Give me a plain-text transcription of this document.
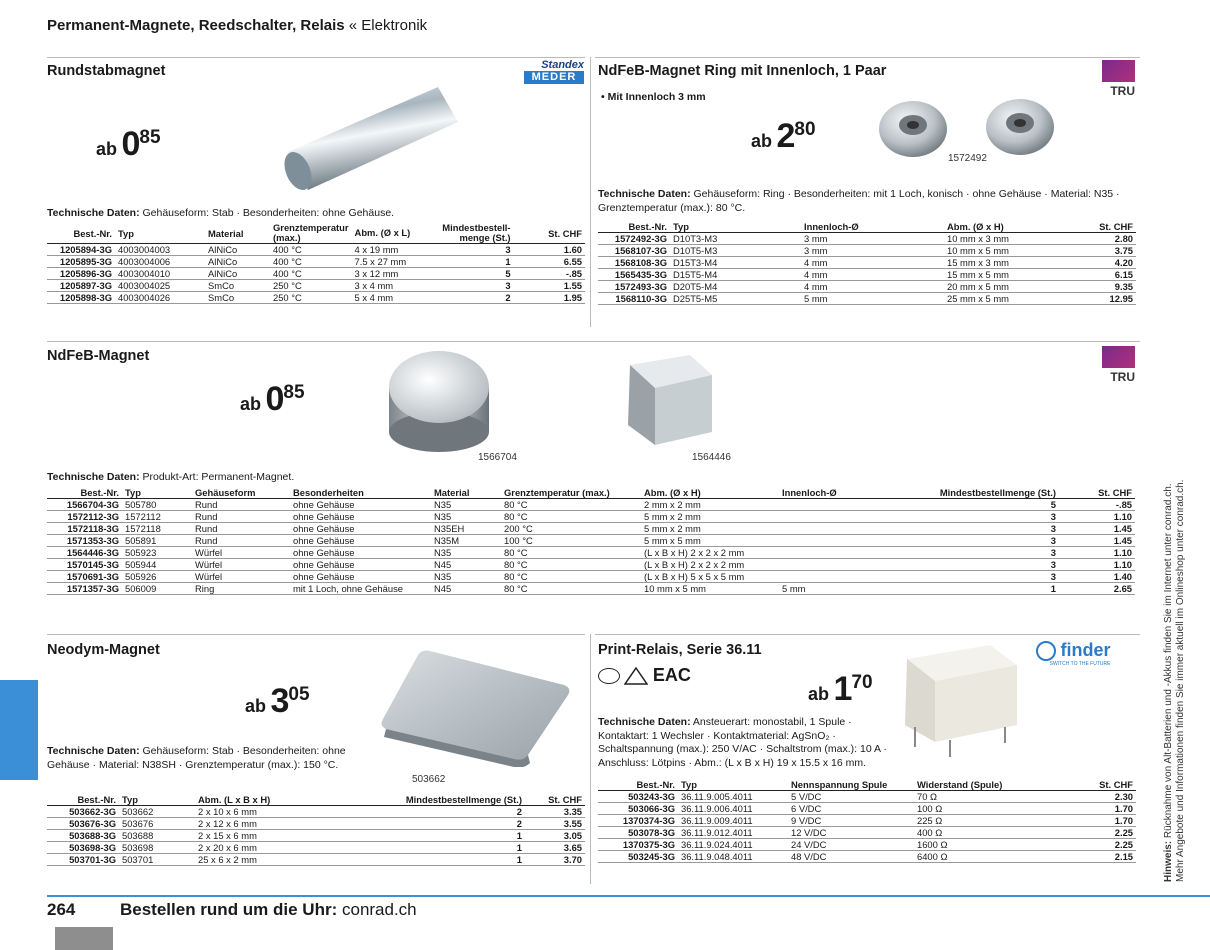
Permanent-Magnete, Reedschalter, Relais « Elektronik
Rundstabmagnet	Standex
MEDER
ab 085
Technische Daten: Gehäuseform: Stab · Besonderheiten: ohne Gehäuse.
Best.-Nr.	Typ	Material	Grenztemperatur (max.)	Abm. (Ø x L)	Mindestbestell-menge (St.)	St. CHF
1205894-3G	4003004003	AlNiCo	400 °C	4 x 19 mm	3	1.60
1205895-3G	4003004006	AlNiCo	400 °C	7.5 x 27 mm	1	6.55
1205896-3G	4003004010	AlNiCo	400 °C	3 x 12 mm	5	-.85
1205897-3G	4003004025	SmCo	250 °C	3 x 4 mm	3	1.55
1205898-3G	4003004026	SmCo	250 °C	5 x 4 mm	2	1.95
NdFeB-Magnet Ring mit Innenloch, 1 Paar
TRU
• Mit Innenloch 3 mm
ab 280
1572492
Technische Daten: Gehäuseform: Ring · Besonderheiten: mit 1 Loch, konisch · ohne Gehäuse · Material: N35 · Grenztemperatur (max.): 80 °C.
Best.-Nr.	Typ	Innenloch-Ø	Abm. (Ø x H)	St. CHF
1572492-3G	D10T3-M3	3 mm	10 mm x 3 mm	2.80
1568107-3G	D10T5-M3	3 mm	10 mm x 5 mm	3.75
1568108-3G	D15T3-M4	4 mm	15 mm x 3 mm	4.20
1565435-3G	D15T5-M4	4 mm	15 mm x 5 mm	6.15
1572493-3G	D20T5-M4	4 mm	20 mm x 5 mm	9.35
1568110-3G	D25T5-M5	5 mm	25 mm x 5 mm	12.95
NdFeB-Magnet
TRU
ab 085
1566704	1564446
Technische Daten: Produkt-Art: Permanent-Magnet.
Best.-Nr.	Typ	Gehäuseform	Besonderheiten	Material	Grenztemperatur (max.)	Abm. (Ø x H)	Innenloch-Ø	Mindestbestellmenge (St.)	St. CHF
1566704-3G	505780	Rund	ohne Gehäuse	N35	80 °C	2 mm x 2 mm		5	-.85
1572112-3G	1572112	Rund	ohne Gehäuse	N35	80 °C	5 mm x 2 mm		3	1.10
1572118-3G	1572118	Rund	ohne Gehäuse	N35EH	200 °C	5 mm x 2 mm		3	1.45
1571353-3G	505891	Rund	ohne Gehäuse	N35M	100 °C	5 mm x 5 mm		3	1.45
1564446-3G	505923	Würfel	ohne Gehäuse	N35	80 °C	(L x B x H) 2 x 2 x 2 mm		3	1.10
1570145-3G	505944	Würfel	ohne Gehäuse	N45	80 °C	(L x B x H) 2 x 2 x 2 mm		3	1.10
1570691-3G	505926	Würfel	ohne Gehäuse	N35	80 °C	(L x B x H) 5 x 5 x 5 mm		3	1.40
1571357-3G	506009	Ring	mit 1 Loch, ohne Gehäuse	N45	80 °C	10 mm x 5 mm	5 mm	1	2.65
Neodym-Magnet
ab 305
503662
Technische Daten: Gehäuseform: Stab · Besonderheiten: ohne Gehäuse · Material: N38SH · Grenztemperatur (max.): 150 °C.
Best.-Nr.	Typ	Abm. (L x B x H)	Mindestbestellmenge (St.)	St. CHF
503662-3G	503662	2 x 10 x 6 mm	2	3.35
503676-3G	503676	2 x 12 x 6 mm	2	3.55
503688-3G	503688	2 x 15 x 6 mm	1	3.05
503698-3G	503698	2 x 20 x 6 mm	1	3.65
503701-3G	503701	25 x 6 x 2 mm	1	3.70
Print-Relais, Serie 36.11	finder
SWITCH TO THE FUTURE
EAC
ab 170
Technische Daten: Ansteuerart: monostabil, 1 Spule · Kontaktart: 1 Wechsler · Kontaktmaterial: AgSnO₂ · Schaltspannung (max.): 250 V/AC · Schaltstrom (max.): 10 A · Anschluss: Lötpins · Abm.: (L x B x H) 19 x 15.5 x 16 mm.
Best.-Nr.	Typ	Nennspannung Spule	Widerstand (Spule)	St. CHF
503243-3G	36.11.9.005.4011	5 V/DC	70 Ω	2.30
503066-3G	36.11.9.006.4011	6 V/DC	100 Ω	1.70
1370374-3G	36.11.9.009.4011	9 V/DC	225 Ω	1.70
503078-3G	36.11.9.012.4011	12 V/DC	400 Ω	2.25
1370375-3G	36.11.9.024.4011	24 V/DC	1600 Ω	2.25
503245-3G	36.11.9.048.4011	48 V/DC	6400 Ω	2.15	Hinweis: Rücknahme von Alt-Batterien und -Akkus finden Sie im Internet unter conrad.ch. Mehr Angebote und Informationen finden Sie immer aktuell im Onlineshop unter conrad.ch.
264	Bestellen rund um die Uhr: conrad.ch
